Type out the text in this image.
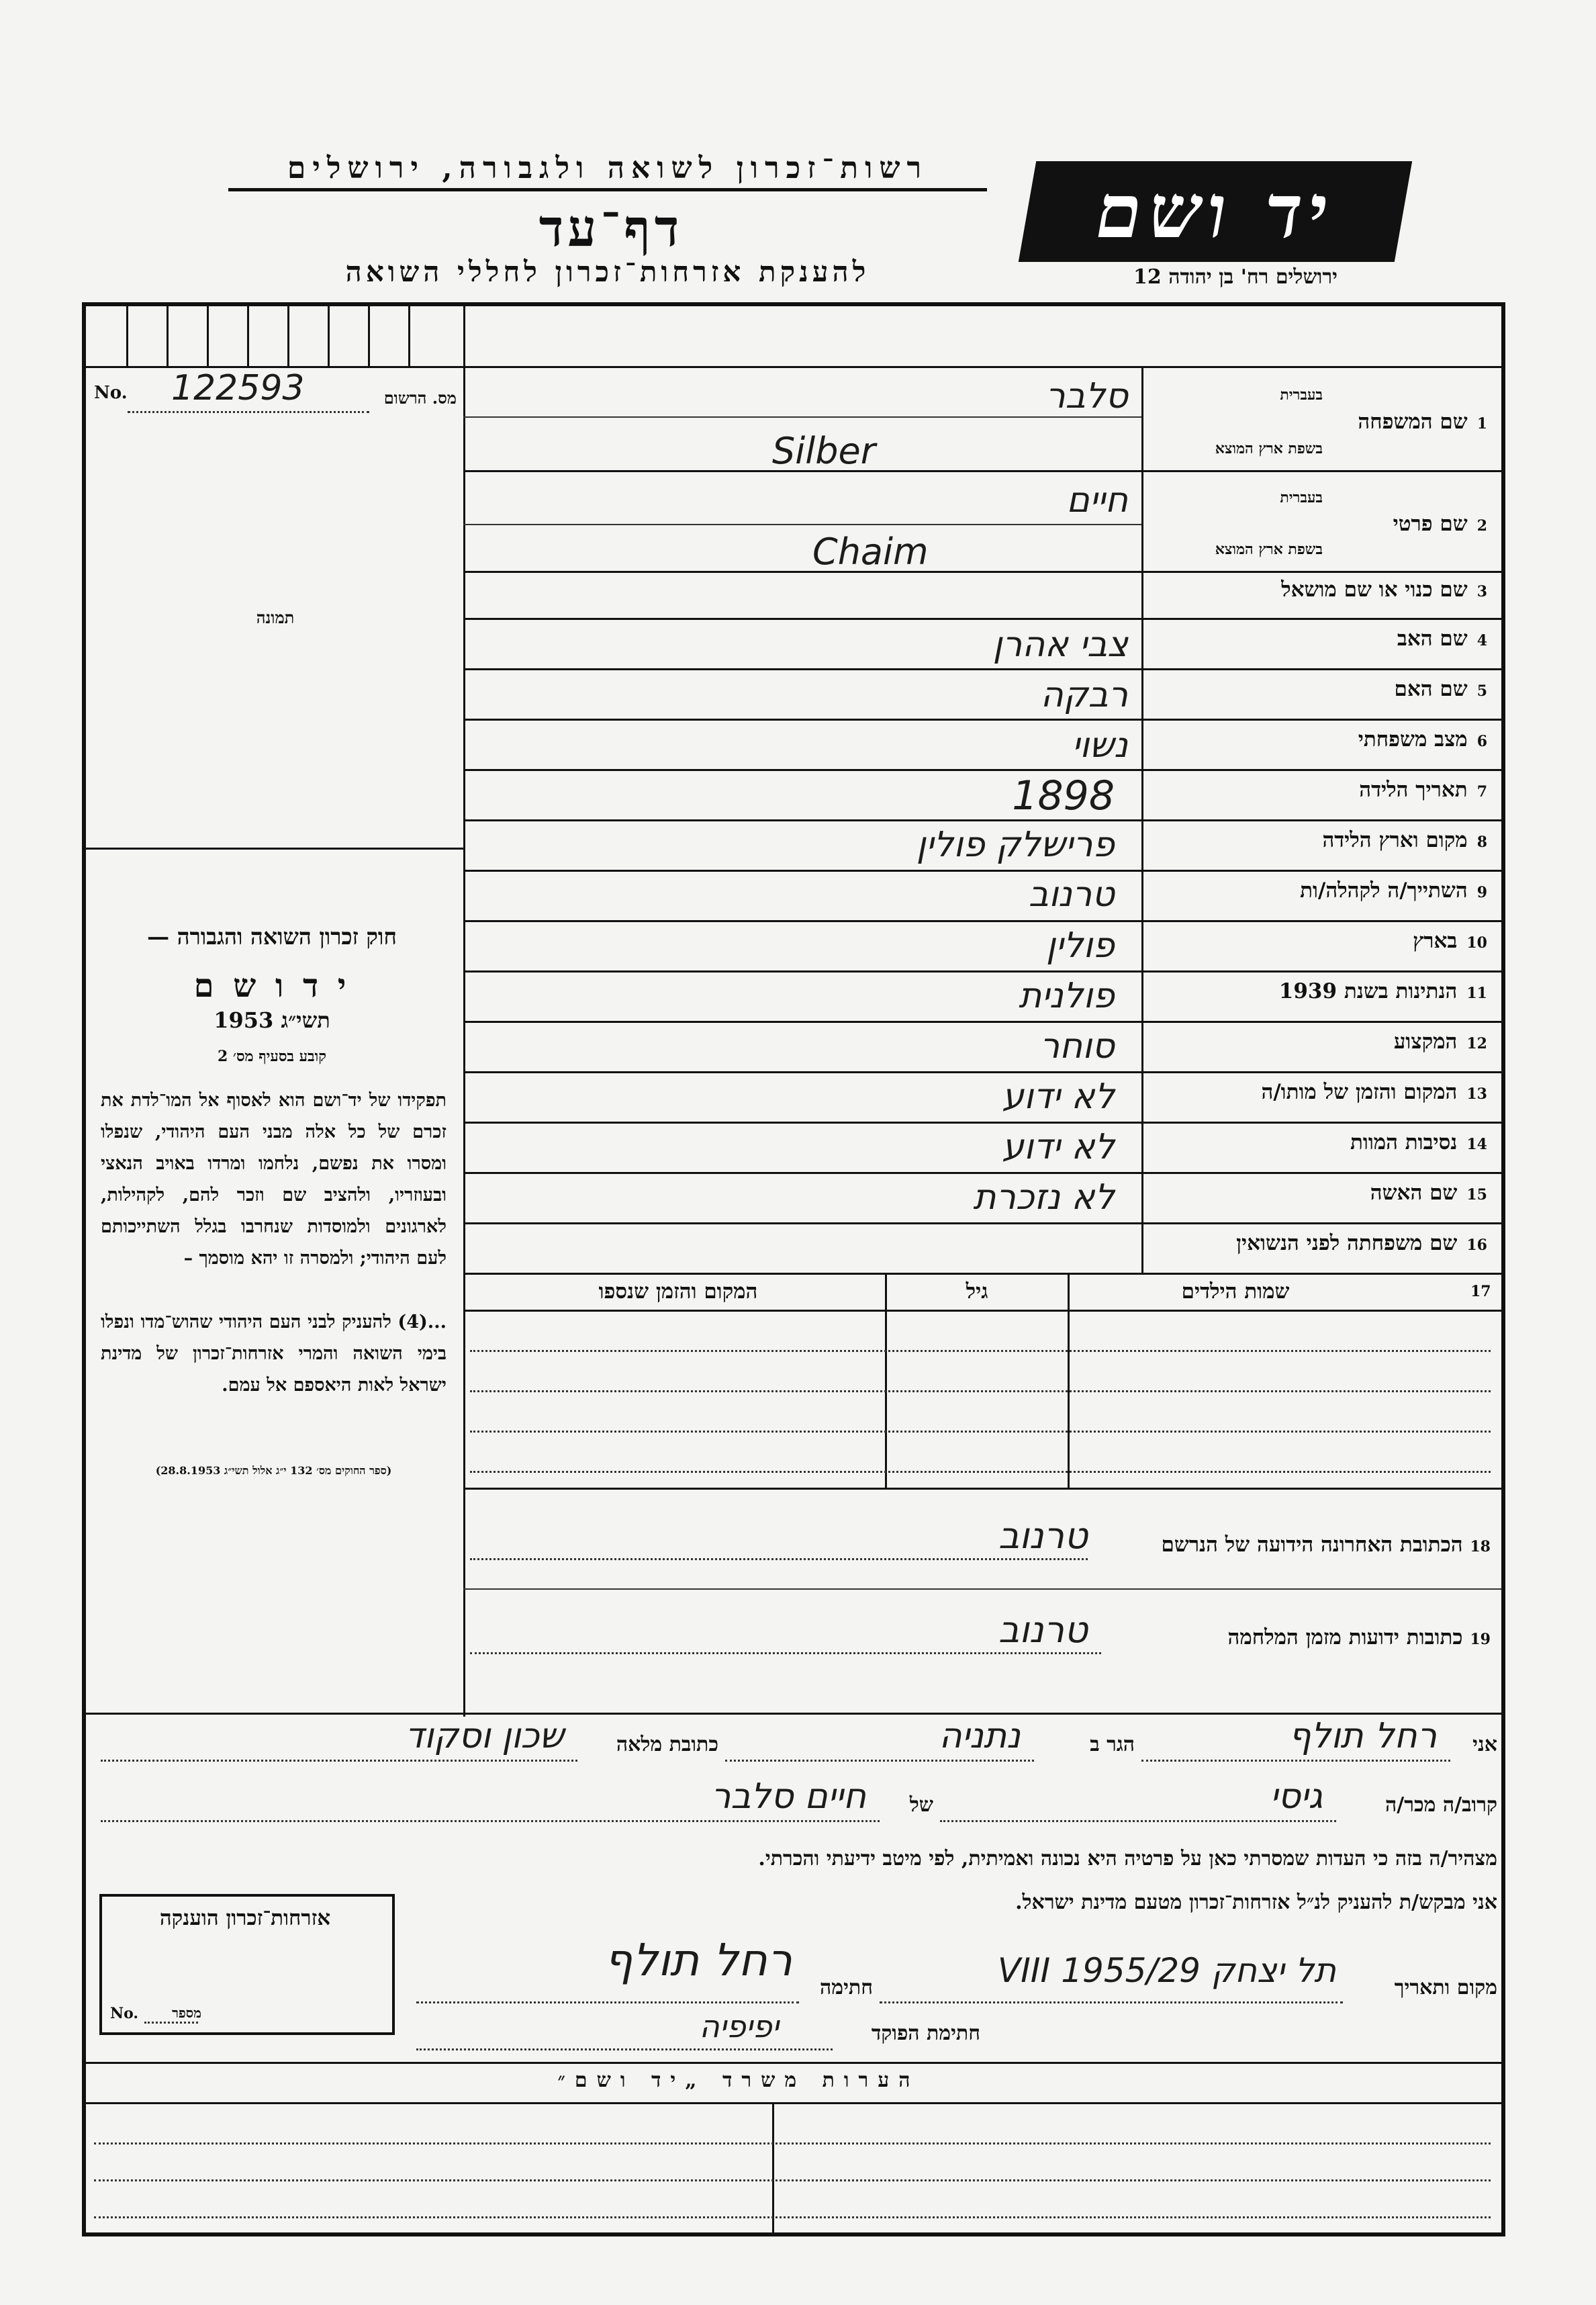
רשות־זכרון לשואה ולגבורה, ירושלים
דף־עד
להענקת אזרחות־זכרון לחללי השואה
יד ושם
ירושלים רח' בן יהודה 12
No. 122593	מס. הרשום
תמונה
בעברית
1שם המשפחה
בשפת ארץ המוצא
סלבר
Silber
בעברית
2שם פרטי
בשפת ארץ המוצא
חיים
Chaim
3שם כנוי או שם מושאל
4שם האב
צבי אהרן
5שם האם
רבקה
6מצב משפחתי
נשוי
7תאריך הלידה
1898
8מקום וארץ הלידה
פרישלק פולין
9השתייך/ה לקהלה/ות
טרנוב
10בארץ
פולין
11הנתינות בשנת 1939
פולנית
12המקצוע
סוחר
13המקום והזמן של מותו/ה
לא ידוע
14נסיבות המוות
לא ידוע
15שם האשה
לא נזכרת
16שם משפחתה לפני הנשואין
17
שמות הילדים
גיל
המקום והזמן שנספו
18 הכתובת האחרונה הידועה של הנרשם
טרנוב
19 כתובות ידועות מזמן המלחמה
טרנוב
חוק זכרון השואה והגבורה —
י ד ו ש ם
תשי״ג 1953
קובע בסעיף מס׳ 2
תפקידו של יד־ושם הוא לאסוף אל המו־לדת את זכרם של כל אלה מבני העם היהודי, שנפלו ומסרו את נפשם, נלחמו ומרדו באויב הנאצי ובעוזריו, ולהציב שם וזכר להם, לקהילות, לארגונים ולמוסדות שנחרבו בגלל השתייכותם לעם היהודי; ולמסרה זו יהא מוסמך –
...(4) להעניק לבני העם היהודי שהוש־מדו ונפלו בימי השואה והמרי אזרחות־זכרון של מדינת ישראל לאות היאספם אל עמם.
(ספר החוקים מס׳ 132 י״ג אלול תשי״ג 28.8.1953)
אני
רחל תולף
הגר ב
נתניה
כתובת מלאה
שכון וסקוד
קרוב/ה מכר/ה
גיסי
של
חיים סלבר
מצהיר/ה בזה כי העדות שמסרתי כאן על פרטיה היא נכונה ואמיתית, לפי מיטב ידיעתי והכרתי.
אני מבקש/ת להעניק לנ״ל אזרחות־זכרון מטעם מדינת ישראל.
מקום ותאריך
תל יצחק 29/VIII 1955
חתימה
רחל תולף
חתימת הפוקד
יפיפיה
אזרחות־זכרון הוענקה
No.	מספר
הערות משרד „יד ושם״
